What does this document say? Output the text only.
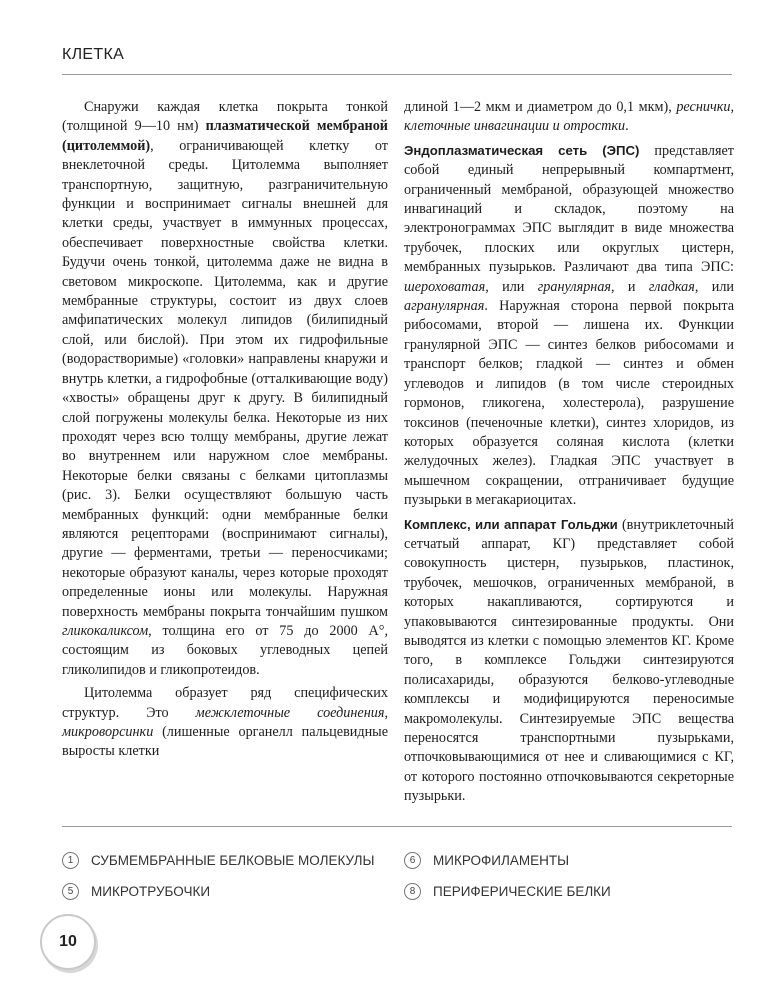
КЛЕТКА

Снаружи каждая клетка покрыта тонкой (толщиной 9—10 нм) плазматической мембраной (цитолеммой), ограничивающей клетку от внеклеточной среды. Цитолемма выполняет транспортную, защитную, разграничительную функции и воспринимает сигналы внешней для клетки среды, участвует в иммунных процессах, обеспечивает поверхностные свойства клетки. Будучи очень тонкой, цитолемма даже не видна в световом микроскопе. Цитолемма, как и другие мембранные структуры, состоит из двух слоев амфипатических молекул липидов (билипидный слой, или бислой). При этом их гидрофильные (водорастворимые) «головки» направлены кнаружи и внутрь клетки, а гидрофобные (отталкивающие воду) «хвосты» обращены друг к другу. В билипидный слой погружены молекулы белка. Некоторые из них проходят через всю толщу мембраны, другие лежат во внутреннем или наружном слое мембраны. Некоторые белки связаны с белками цитоплазмы (рис. 3). Белки осуществляют большую часть мембранных функций: одни мембранные белки являются рецепторами (воспринимают сигналы), другие — ферментами, третьи — переносчиками; некоторые образуют каналы, через которые проходят определенные ионы или молекулы. Наружная поверхность мембраны покрыта тончайшим пушком гликокаликсом, толщина его от 75 до 2000 А°, состоящим из боковых углеводных цепей гликолипидов и гликопротеидов.

Цитолемма образует ряд специфических структур. Это межклеточные соединения, микроворсинки (лишенные органелл пальцевидные выросты клетки

длиной 1—2 мкм и диаметром до 0,1 мкм), реснички, клеточные инвагинации и отростки.

Эндоплазматическая сеть (ЭПС) представляет собой единый непрерывный компартмент, ограниченный мембраной, образующей множество инвагинаций и складок, поэтому на электронограммах ЭПС выглядит в виде множества трубочек, плоских или округлых цистерн, мембранных пузырьков. Различают два типа ЭПС: шероховатая, или гранулярная, и гладкая, или агранулярная. Наружная сторона первой покрыта рибосомами, второй — лишена их. Функции гранулярной ЭПС — синтез белков рибосомами и транспорт белков; гладкой — синтез и обмен углеводов и липидов (в том числе стероидных гормонов, гликогена, холестерола), разрушение токсинов (печеночные клетки), синтез хлоридов, из которых образуется соляная кислота (клетки желудочных желез). Гладкая ЭПС участвует в мышечном сокращении, отграничивает будущие пузырьки в мегакариоцитах.

Комплекс, или аппарат Гольджи (внутриклеточный сетчатый аппарат, КГ) представляет собой совокупность цистерн, пузырьков, пластинок, трубочек, мешочков, ограниченных мембраной, в которых накапливаются, сортируются и упаковываются синтезированные продукты. Они выводятся из клетки с помощью элементов КГ. Кроме того, в комплексе Гольджи синтезируются полисахариды, образуются белково-углеводные комплексы и модифицируются переносимые макромолекулы. Синтезируемые ЭПС вещества переносятся транспортными пузырьками, отпочковывающимися от нее и сливающимися с КГ, от которого постоянно отпочковываются секреторные пузырьки.

1	СУБМЕМБРАННЫЕ БЕЛКОВЫЕ МОЛЕКУЛЫ	6	МИКРОФИЛАМЕНТЫ
5	МИКРОТРУБОЧКИ	8	ПЕРИФЕРИЧЕСКИЕ БЕЛКИ
10
